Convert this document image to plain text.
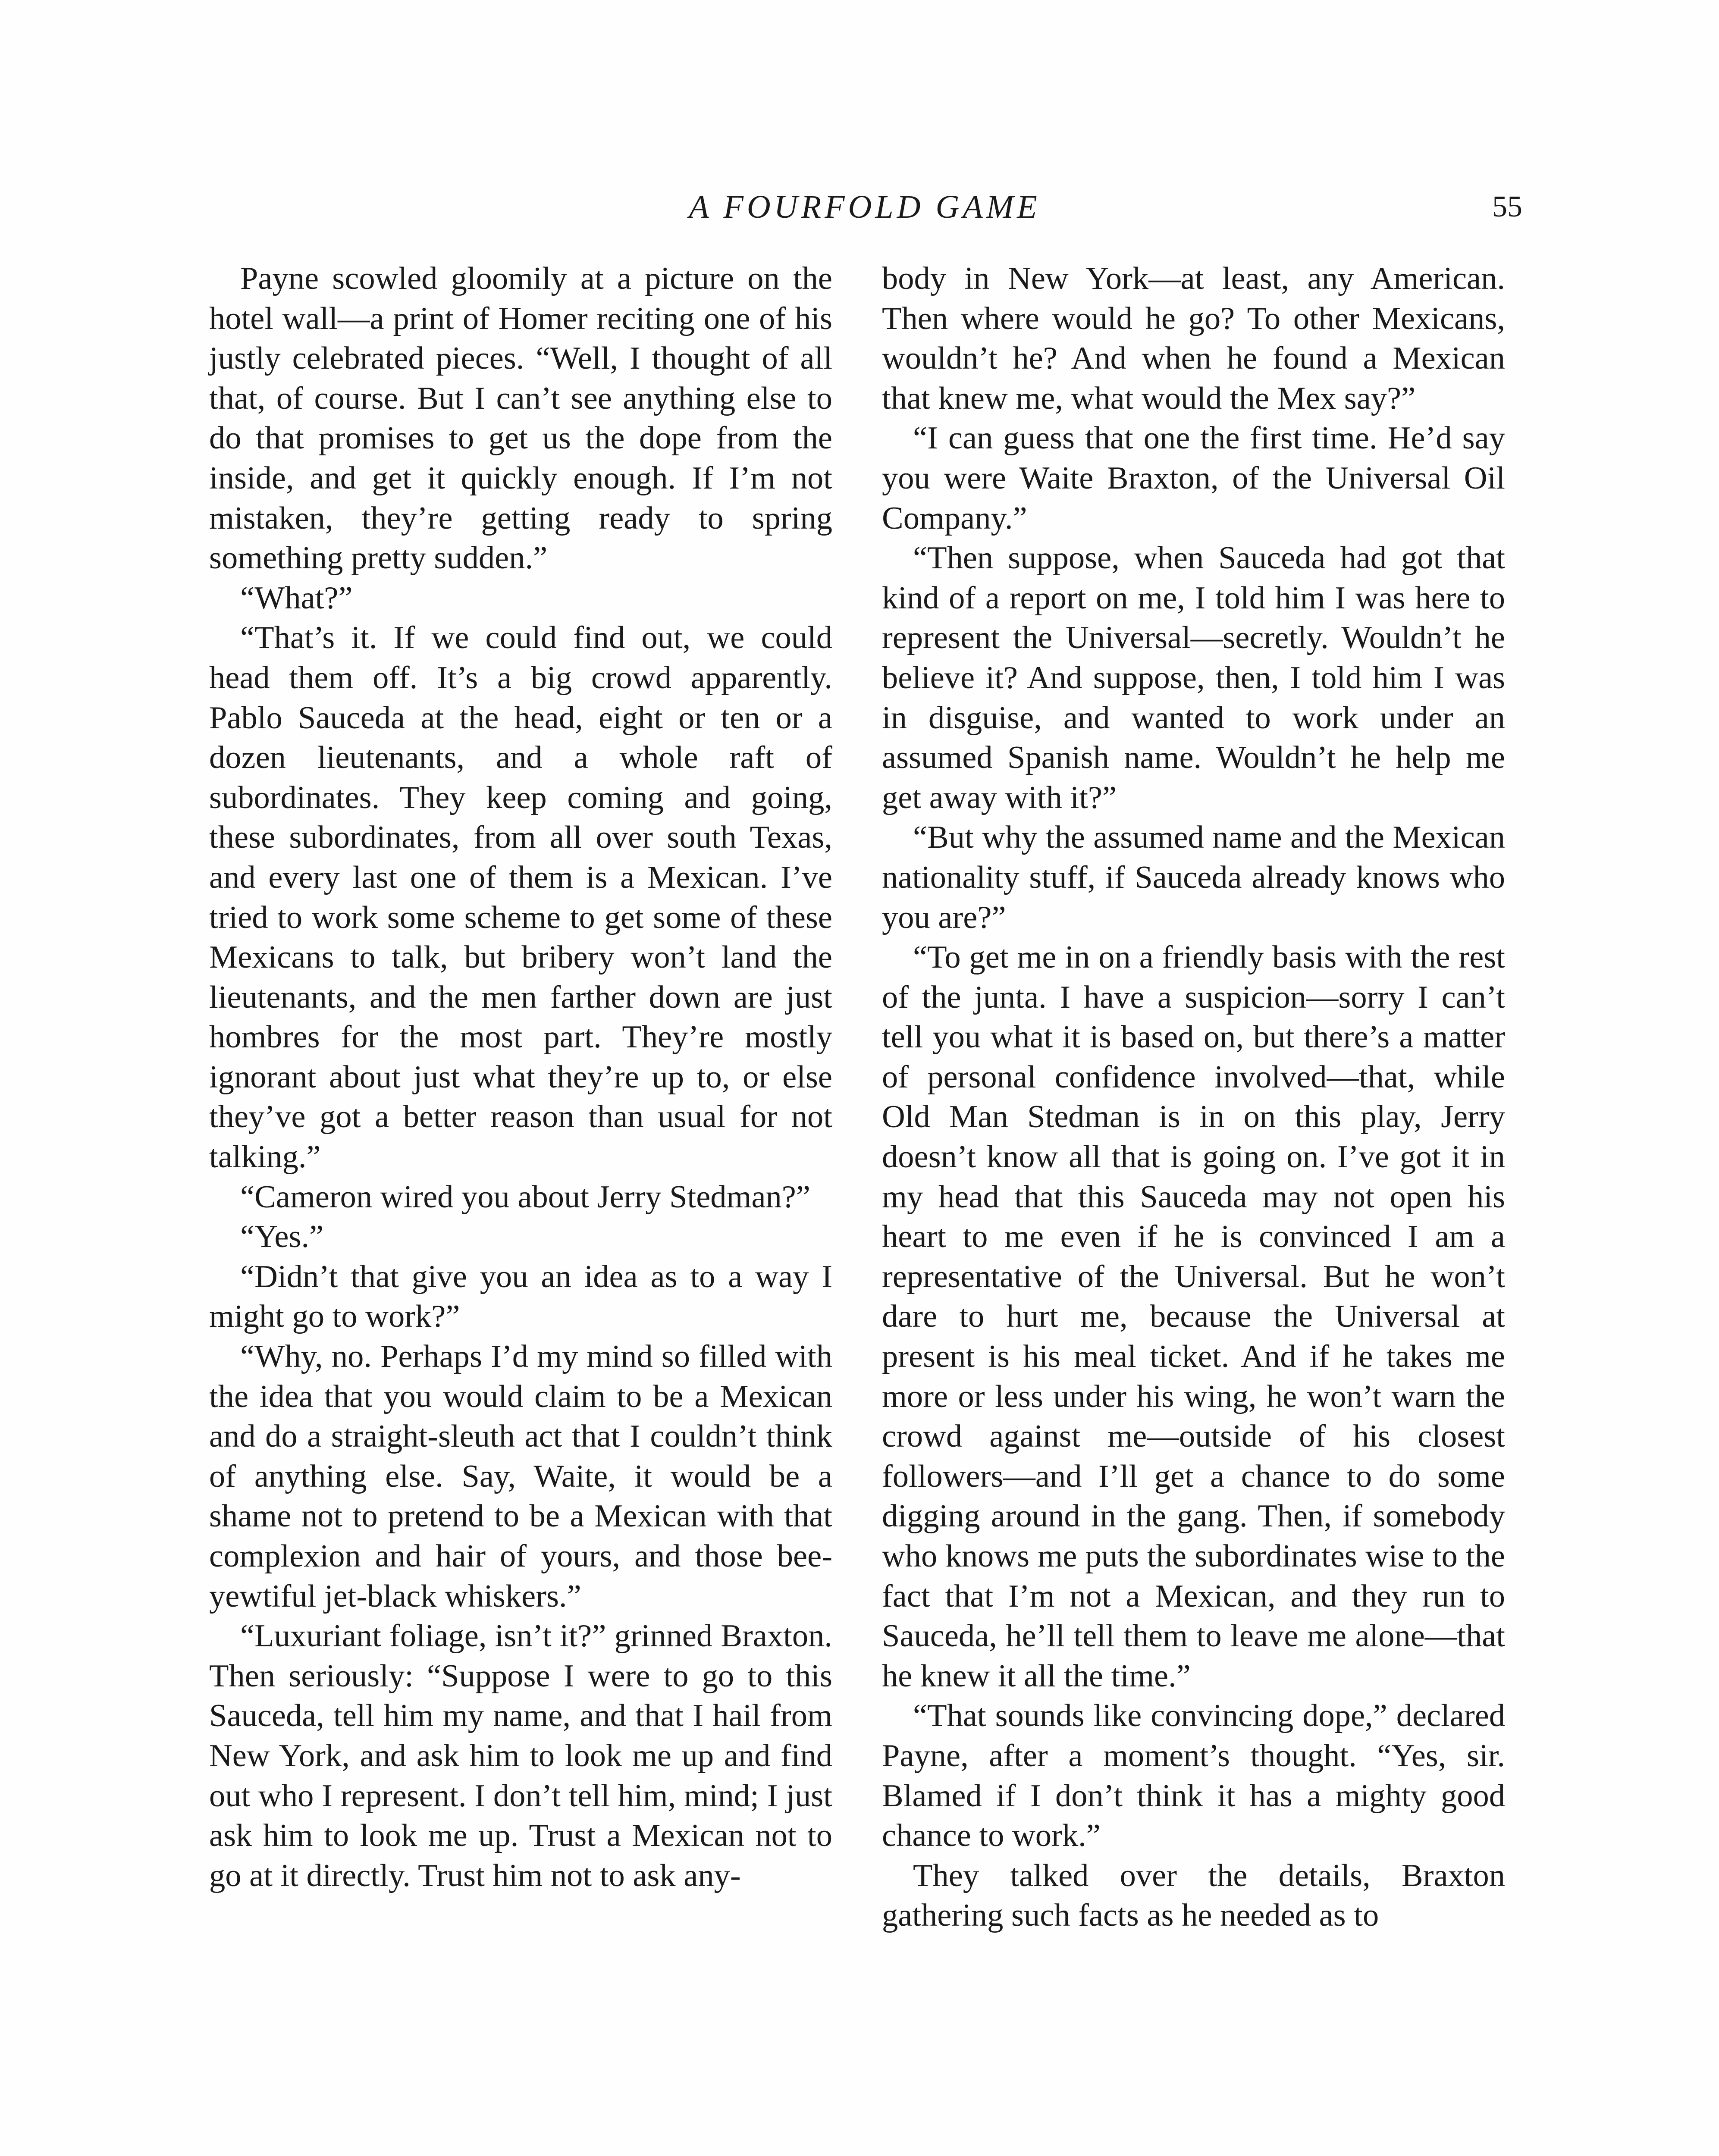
A FOURFOLD GAME	55

Payne scowled gloomily at a picture on the hotel wall—a print of Homer reciting one of his justly celebrated pieces. “Well, I thought of all that, of course. But I can’t see anything else to do that promises to get us the dope from the inside, and get it quickly enough. If I’m not mistaken, they’re getting ready to spring something pretty sudden.”

“What?”

“That’s it. If we could find out, we could head them off. It’s a big crowd apparently. Pablo Sauceda at the head, eight or ten or a dozen lieutenants, and a whole raft of subordinates. They keep coming and going, these subordinates, from all over south Texas, and every last one of them is a Mexican. I’ve tried to work some scheme to get some of these Mexicans to talk, but bribery won’t land the lieutenants, and the men farther down are just hombres for the most part. They’re mostly ignorant about just what they’re up to, or else they’ve got a better reason than usual for not talking.”

“Cameron wired you about Jerry Stedman?”

“Yes.”

“Didn’t that give you an idea as to a way I might go to work?”

“Why, no. Perhaps I’d my mind so filled with the idea that you would claim to be a Mexican and do a straight-sleuth act that I couldn’t think of anything else. Say, Waite, it would be a shame not to pretend to be a Mexican with that complexion and hair of yours, and those bee-yewtiful jet-black whiskers.”

“Luxuriant foliage, isn’t it?” grinned Braxton. Then seriously: “Suppose I were to go to this Sauceda, tell him my name, and that I hail from New York, and ask him to look me up and find out who I represent. I don’t tell him, mind; I just ask him to look me up. Trust a Mexican not to go at it directly. Trust him not to ask any-

body in New York—at least, any American. Then where would he go? To other Mexicans, wouldn’t he? And when he found a Mexican that knew me, what would the Mex say?”

“I can guess that one the first time. He’d say you were Waite Braxton, of the Universal Oil Company.”

“Then suppose, when Sauceda had got that kind of a report on me, I told him I was here to represent the Universal—secretly. Wouldn’t he believe it? And suppose, then, I told him I was in disguise, and wanted to work under an assumed Spanish name. Wouldn’t he help me get away with it?”

“But why the assumed name and the Mexican nationality stuff, if Sauceda already knows who you are?”

“To get me in on a friendly basis with the rest of the junta. I have a suspicion—sorry I can’t tell you what it is based on, but there’s a matter of personal confidence involved—that, while Old Man Stedman is in on this play, Jerry doesn’t know all that is going on. I’ve got it in my head that this Sauceda may not open his heart to me even if he is convinced I am a representative of the Universal. But he won’t dare to hurt me, because the Universal at present is his meal ticket. And if he takes me more or less under his wing, he won’t warn the crowd against me—outside of his closest followers—and I’ll get a chance to do some digging around in the gang. Then, if somebody who knows me puts the subordinates wise to the fact that I’m not a Mexican, and they run to Sauceda, he’ll tell them to leave me alone—that he knew it all the time.”

“That sounds like convincing dope,” declared Payne, after a moment’s thought. “Yes, sir. Blamed if I don’t think it has a mighty good chance to work.”

They talked over the details, Braxton gathering such facts as he needed as to
